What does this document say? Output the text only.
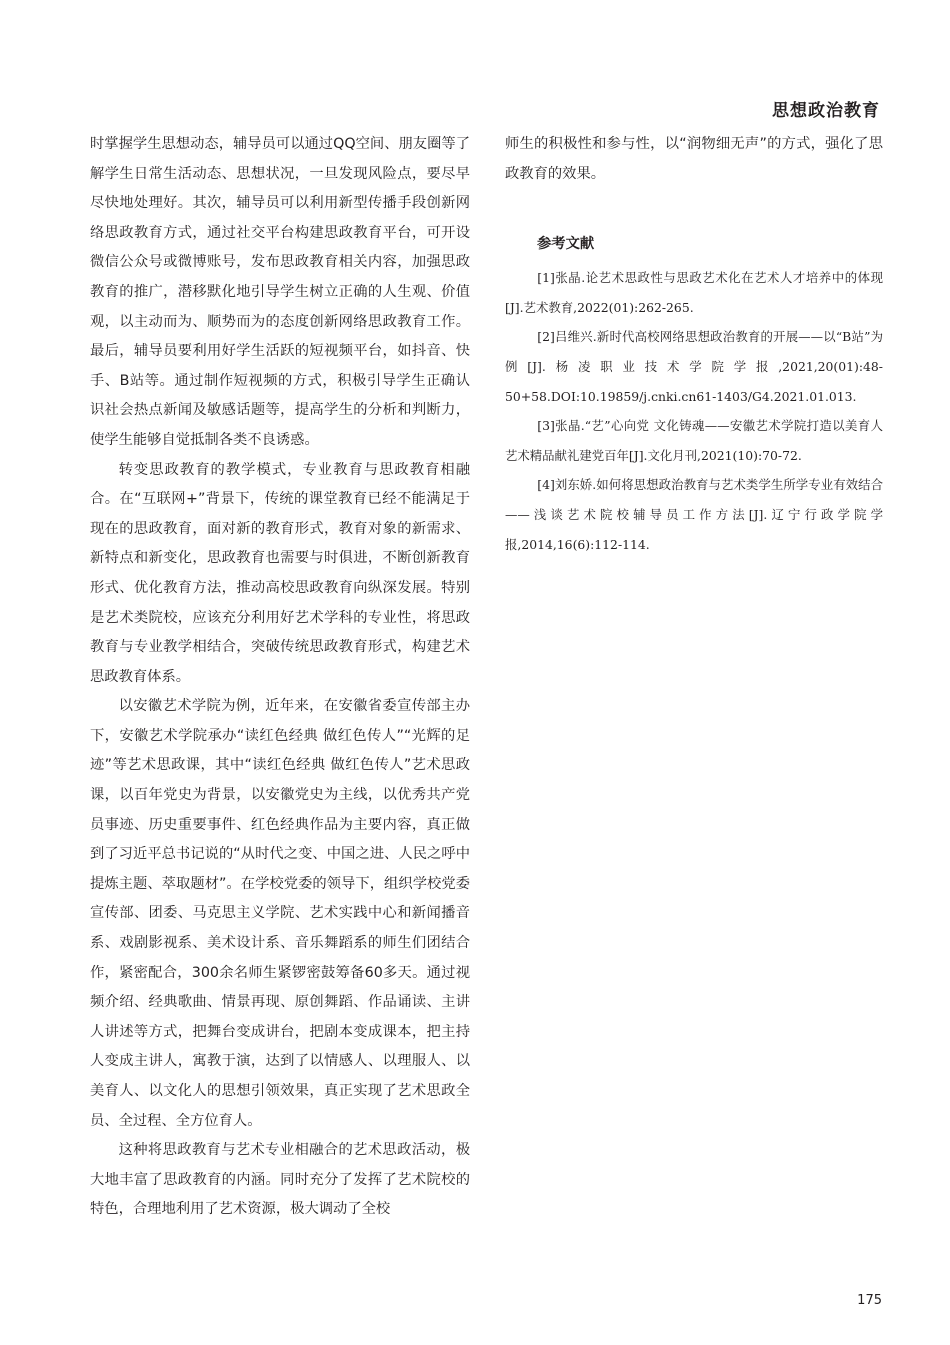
思想政治教育

时掌握学生思想动态，辅导员可以通过QQ空间、朋友圈等了解学生日常生活动态、思想状况，一旦发现风险点，要尽早尽快地处理好。其次，辅导员可以利用新型传播手段创新网络思政教育方式，通过社交平台构建思政教育平台，可开设微信公众号或微博账号，发布思政教育相关内容，加强思政教育的推广，潜移默化地引导学生树立正确的人生观、价值观，以主动而为、顺势而为的态度创新网络思政教育工作。最后，辅导员要利用好学生活跃的短视频平台，如抖音、快手、B站等。通过制作短视频的方式，积极引导学生正确认识社会热点新闻及敏感话题等，提高学生的分析和判断力，使学生能够自觉抵制各类不良诱惑。

转变思政教育的教学模式，专业教育与思政教育相融合。在“互联网+”背景下，传统的课堂教育已经不能满足于现在的思政教育，面对新的教育形式，教育对象的新需求、新特点和新变化，思政教育也需要与时俱进，不断创新教育形式、优化教育方法，推动高校思政教育向纵深发展。特别是艺术类院校，应该充分利用好艺术学科的专业性，将思政教育与专业教学相结合，突破传统思政教育形式，构建艺术思政教育体系。

以安徽艺术学院为例，近年来，在安徽省委宣传部主办下，安徽艺术学院承办“读红色经典 做红色传人”“光辉的足迹”等艺术思政课，其中“读红色经典 做红色传人”艺术思政课，以百年党史为背景，以安徽党史为主线，以优秀共产党员事迹、历史重要事件、红色经典作品为主要内容，真正做到了习近平总书记说的“从时代之变、中国之进、人民之呼中提炼主题、萃取题材”。在学校党委的领导下，组织学校党委宣传部、团委、马克思主义学院、艺术实践中心和新闻播音系、戏剧影视系、美术设计系、音乐舞蹈系的师生们团结合作，紧密配合，300余名师生紧锣密鼓筹备60多天。通过视频介绍、经典歌曲、情景再现、原创舞蹈、作品诵读、主讲人讲述等方式，把舞台变成讲台，把剧本变成课本，把主持人变成主讲人，寓教于演，达到了以情感人、以理服人、以美育人、以文化人的思想引领效果，真正实现了艺术思政全员、全过程、全方位育人。

这种将思政教育与艺术专业相融合的艺术思政活动，极大地丰富了思政教育的内涵。同时充分了发挥了艺术院校的特色，合理地利用了艺术资源，极大调动了全校

师生的积极性和参与性，以“润物细无声”的方式，强化了思政教育的效果。

参考文献

[1]张晶.论艺术思政性与思政艺术化在艺术人才培养中的体现[J].艺术教育,2022(01):262-265.

[2]吕维兴.新时代高校网络思想政治教育的开展——以“B站”为例[J].杨凌职业技术学院学报,2021,20(01):48-50+58.DOI:10.19859/j.cnki.cn61-1403/G4.2021.01.013.

[3]张晶.“艺”心向党 文化铸魂——安徽艺术学院打造以美育人艺术精品献礼建党百年[J].文化月刊,2021(10):70-72.

[4]刘东娇.如何将思想政治教育与艺术类学生所学专业有效结合——浅谈艺术院校辅导员工作方法[J].辽宁行政学院学报,2014,16(6):112-114.

175
